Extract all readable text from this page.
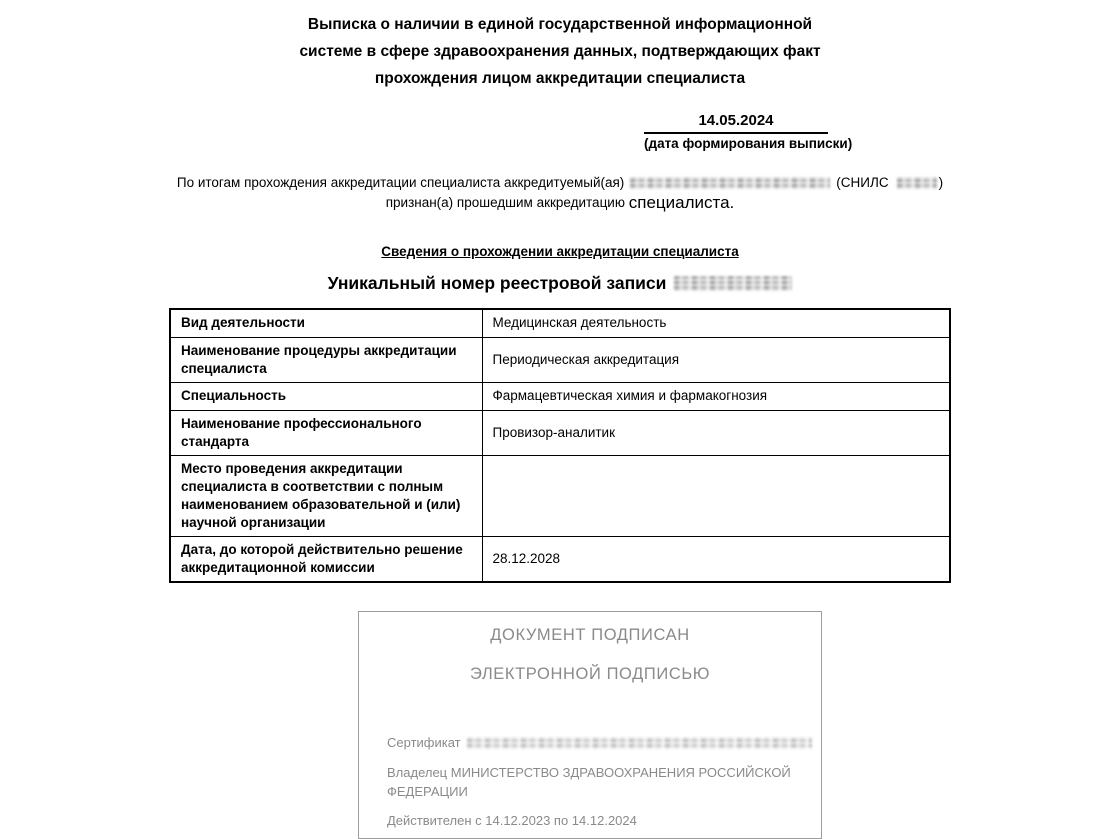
Выписка о наличии в единой государственной информационной
системе в сфере здравоохранения данных, подтверждающих факт
прохождения лицом аккредитации специалиста
14.05.2024
(дата формирования выписки)
По итогам прохождения аккредитации специалиста аккредитуемый(ая)	(СНИЛС	)
признан(а) прошедшим аккредитацию специалиста.
Сведения о прохождении аккредитации специалиста
Уникальный номер реестровой записи
Вид деятельности	Медицинская деятельность
Наименование процедуры аккредитации специалиста	Периодическая аккредитация
Специальность	Фармацевтическая химия и фармакогнозия
Наименование профессионального стандарта	Провизор-аналитик
Место проведения аккредитации специалиста в соответствии с полным наименованием образовательной и (или) научной организации	
Дата, до которой действительно решение аккредитационной комиссии	28.12.2028
ДОКУМЕНТ ПОДПИСАН
ЭЛЕКТРОННОЙ ПОДПИСЬЮ
Сертификат
Владелец МИНИСТЕРСТВО ЗДРАВООХРАНЕНИЯ РОССИЙСКОЙ ФЕДЕРАЦИИ
Действителен с 14.12.2023 по 14.12.2024
